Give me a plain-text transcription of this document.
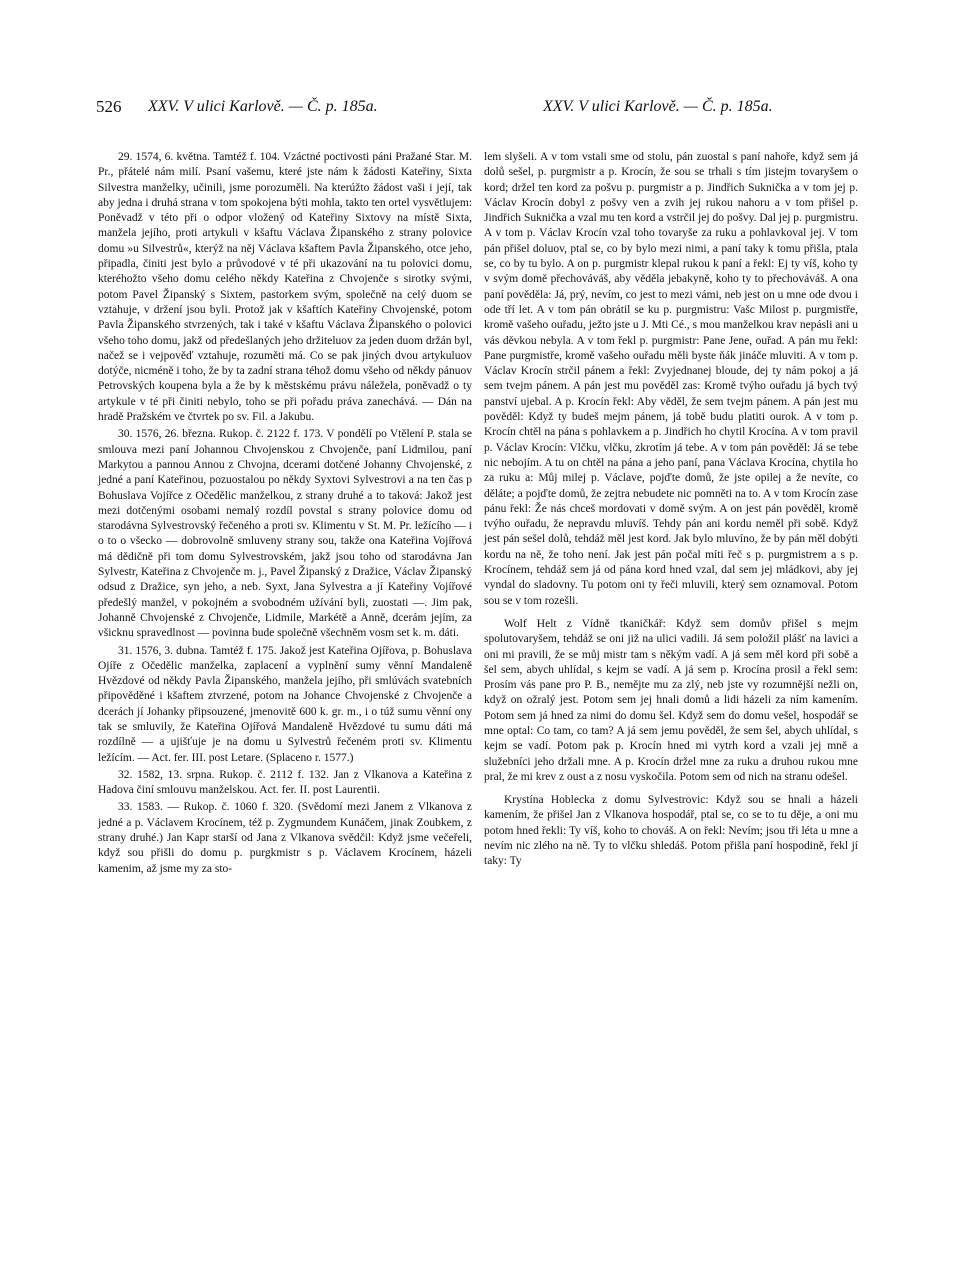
526 XXV. V ulici Karlově. — Č. p. 185a.	XXV. V ulici Karlově. — Č. p. 185a.

29. 1574, 6. května. Tamtéž f. 104. Vzáctné poctivosti páni Pražané Star. M. Pr., přátelé nám milí. Psaní vašemu, které jste nám k žádosti Kateřiny, Sixta Silvestra manželky, učinili, jsme porozuměli. Na kterúžto žádost vaši i její, tak aby jedna i druhá strana v tom spokojena býti mohla, takto ten ortel vysvětlujem: Poněvadž v této při o odpor vložený od Kateřiny Sixtovy na místě Sixta, manžela jejího, proti artykuli v kšaftu Václava Žipanského z strany polovice domu »u Silvestrů«, kterýž na něj Václava kšaftem Pavla Žipanského, otce jeho, připadla, činiti jest bylo a průvodové v té při ukazování na tu polovici domu, kteréhožto všeho domu celého někdy Kateřina z Chvojenče s sirotky svými, potom Pavel Žipanský s Sixtem, pastorkem svým, společně na celý duom se vztahuje, v držení jsou byli. Protož jak v kšaftích Kateřiny Chvojenské, potom Pavla Žipanského stvrzených, tak i také v kšaftu Václava Žipanského o polovici všeho toho domu, jakž od předešlaných jeho držiteluov za jeden duom držán byl, načež se i vejpověď vztahuje, rozuměti má. Co se pak jiných dvou artykuluov dotýče, nicméně i toho, že by ta zadní strana téhož domu všeho od někdy pánuov Petrovských koupena byla a že by k městskému právu náleželа, poněvadž o ty artykule v té při činiti nebylo, toho se při pořadu práva zanechává. — Dán na hradě Pražském ve čtvrtek po sv. Fil. a Jakubu.

30. 1576, 26. března. Rukop. č. 2122 f. 173. V pondělí po Vtělení P. stala se smlouva mezi paní Johannou Chvojenskou z Chvojenče, paní Lidmilou, paní Markytou a pannou Annou z Chvojna, dcerami dotčené Johanny Chvojenské, z jedné a paní Kateřinou, pozuostalou po někdy Syxtovi Sylvestrovi a na ten čas p Bohuslava Vojířce z Očedělic manželkou, z strany druhé a to taková: Jakož jest mezi dotčenými osobami nemalý rozdíl povstal s strany polovice domu od starodávna Sylvestrovský řečeného a proti sv. Klimentu v St. M. Pr. ležícího — i o to o všecko — dobrovolně smluveny strany sou, takže ona Kateřina Vojířová má dědičně při tom domu Sylvestrovském, jakž jsou toho od starodávna Jan Sylvestr, Kateřina z Chvojenče m. j., Pavel Žipanský z Dražice, Václav Žipanský odsud z Dražice, syn jeho, a neb. Syxt, Jana Sylvestra a jí Kateřiny Vojířové předešlý manžel, v pokojném a svobodném užívání byli, zuostati —. Jim pak, Johanně Chvojenské z Chvojenče, Lidmile, Markétě a Anně, dcerám jejím, za všicknu spravedlnost — povinna bude společně všechněm vosm set k. m. dáti.

31. 1576, 3. dubna. Tamtéž f. 175. Jakož jest Kateřina Ojířova, p. Bohuslava Ojíře z Očedělic manželka, zaplacení a vyplnění sumy věnní Mandaleně Hvězdové od někdy Pavla Žipanského, manžela jejího, při smlúvách svatebních připověděné i kšaftem ztvrzené, potom na Johance Chvojenské z Chvojenče a dcerách jí Johanky připsouzené, jmenovitě 600 k. gr. m., i o túž sumu věnní ony tak se smluvily, že Kateřina Ojířová Mandaleně Hvězdové tu sumu dáti má rozdílně — a ujišťuje je na domu u Sylvestrů řečeném proti sv. Klimentu ležícím. — Act. fer. III. post Letare. (Splaceno r. 1577.)

32. 1582, 13. srpna. Rukop. č. 2112 f. 132. Jan z Vlkanova a Kateřina z Hadova činí smlouvu manželskou. Act. fer. II. post Laurentii.

33. 1583. — Rukop. č. 1060 f. 320. (Svědomí mezi Janem z Vlkanova z jedné a p. Václavem Krocínem, též p. Zygmundem Kunáčem, jinak Zoubkem, z strany druhé.) Jan Kapr starší od Jana z Vlkanova svědčil: Když jsme večeřeli, když sou přišli do domu p. purgkmistr s p. Václavem Krocínem, házeli kamenim, až jsme my za sto-

lem slyšeli. A v tom vstali sme od stolu, pán zuostal s paní nahoře, když sem já dolů sešel, p. purgmistr a p. Krocín, že sou se trhali s tím jistejm tovaryšem o kord; držel ten kord za pošvu p. purgmistr a p. Jindřich Suknička a v tom jej p. Václav Krocín dobyl z pošvy ven a zvih jej rukou nahoru a v tom přišel p. Jindřich Suknička a vzal mu ten kord a vstrčil jej do pošvy. Dal jej p. purgmistru. A v tom p. Václav Krocín vzal toho tovaryše za ruku a pohlavkoval jej. V tom pán přišel doluov, ptal se, co by bylo mezi nimi, a paní taky k tomu přišla, ptala se, co by tu bylo. A on p. purgmistr klepal rukou k paní a řekl: Ej ty víš, koho ty v svým domě přechováváš, aby věděla jebakyně, koho ty to přechováváš. A ona paní pověděla: Já, prý, nevím, co jest to mezi vámi, neb jest on u mne ode dvou i ode tří let. A v tom pán obrátil se ku p. purgmistru: Vašc Milost p. purgmistře, kromě vašeho ouřadu, ježto jste u J. Mti Cé., s mou manželkou krav nepásli ani u vás děvkou nebyla. A v tom řekl p. purgmistr: Pane Jene, ouřad. A pán mu řekl: Pane purgmistře, kromě vašeho ouřadu měli byste ňák jináče mluviti. A v tom p. Václav Krocín strčil pánem a řekl: Zvyjednanej bloude, dej ty nám pokoj a já sem tvejm pánem. A pán jest mu pověděl zas: Kromě tvýho ouřadu já bych tvý panství ujebal. A p. Krocín řekl: Aby věděl, že sem tvejm pánem. A pán jest mu pověděl: Když ty budeš mejm pánem, já tobě budu platiti ourok. A v tom p. Krocín chtěl na pána s pohlavkem a p. Jindřich ho chytil Krocína. A v tom pravil p. Václav Krocín: Vlčku, vlčku, zkrotím já tebe. A v tom pán pověděl: Já se tebe nic nebojím. A tu on chtěl na pána a jeho paní, pana Václava Krocína, chytila ho za ruku a: Můj milej p. Václave, pojďte domů, že jste opilej a že nevíte, co děláte; a pojďte domů, že zejtra nebudete nic pomněti na to. A v tom Krocín zase pánu řekl: Že nás chceš mordovati v domě svým. A on jest pán pověděl, kromě tvýho ouřadu, že nepravdu mluvíš. Tehdy pán ani kordu neměl při sobě. Když jest pán sešel dolů, tehdáž měl jest kord. Jak bylo mluvíno, že by pán měl dobýti kordu na ně, že toho není. Jak jest pán počal míti řeč s p. purgmistrem a s p. Krocínem, tehdáž sem já od pána kord hned vzal, dal sem jej mládkovi, aby jej vyndal do sladovny. Tu potom oni ty řeči mluvili, který sem oznamoval. Potom sou se v tom rozešli.

Wolf Helt z Vídně tkaničkář: Když sem domův přišel s mejm spolutovaryšem, tehdáž se oni již na ulici vadili. Já sem položil plášť na lavici a oni mi pravili, že se můj mistr tam s někým vadí. A já sem měl kord při sobě a šel sem, abych uhlídal, s kejm se vadí. A já sem p. Krocína prosil a řekl sem: Prosím vás pane pro P. B., nemějte mu za zlý, neb jste vy rozumnější nežli on, když on ožralý jest. Potom sem jej hnali domů a lidi házeli za ním kamením. Potom sem já hned za nimi do domu šel. Když sem do domu vešel, hospodář se mne optal: Co tam, co tam? A já sem jemu pověděl, že sem šel, abych uhlídal, s kejm se vadí. Potom pak p. Krocín hned mi vytrh kord a vzali jej mně a služebníci jeho držali mne. A p. Krocín držel mne za ruku a druhou rukou mne pral, že mi krev z oust a z nosu vyskočila. Potom sem od nich na stranu odešel.

Krystína Hoblecka z domu Sylvestrovic: Když sou se hnali a házeli kamením, že přišel Jan z Vlkanova hospodář, ptal se, co se to tu děje, a oni mu potom hned řekli: Ty víš, koho to chováš. A on řekl: Nevím; jsou tři léta u mne a nevím nic zlého na ně. Ty to vlčku shledáš. Potom přišla paní hospodině, řekl jí taky: Ty
